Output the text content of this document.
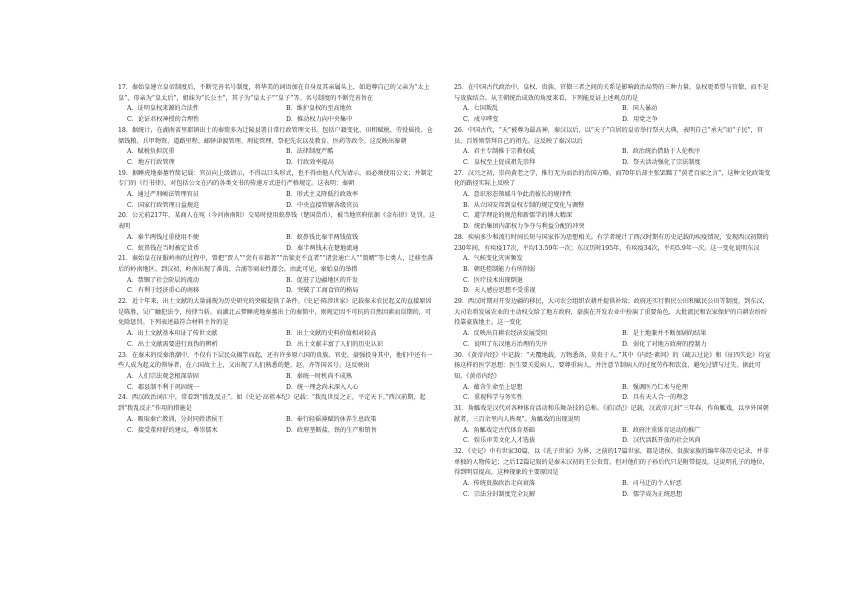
17．秦始皇建立皇帝制度后，不断完善名号制度，将华美的词语加在自身及其亲属头上，如追尊自己的父亲为“太上皇”，母亲为“皇太后”，姐妹为“长公主”，其子为“皇太子”“皇子”等。名号制度的不断完善旨在
A．证明皇权来源的合法性	B．维护皇权的至高地位
C．论证君权神授的合理性	D．推动权力向中央集中
18．据统计，在湖南省里耶镇出土的秦简多为迁陵县署日常行政管理文书，包括户籍变化、田租赋税、劳役徭役、仓储钱粮、兵甲物资、道路里程、邮驿津渡管理、刑徒管理、祭祀先农以及教育、医药等政令。这反映出秦朝
A．赋税负担沉重	B．法律制度严酷
C．地方行政管理	D．行政效率提高
19．据睡虎地秦墓竹简记载：官员向上级请示，不得以口头形式，也不得由他人代为请示，而必须使用公文；并制定专门的《行书律》，对包括公文在内的各类文书的传递方式进行严格规定。这表明：秦朝
A．通过严刑峻法管理官员	B．形式主义降低行政效率
C．国家行政管理日益规范	D．中央直接管辖各级官员
20．公元前217年，某商人在宛（今河南南阳）交易时使用蚁鼻钱（楚国货币），被当地官府依据《金布律》处罚。这表明
A．秦半两钱过重使用不便	B．蚁鼻钱比秦半两钱值钱
C．蚁鼻钱在当时被定货币	D．秦半两钱未在楚地流通
21．秦始皇在征服岭南的过程中，曾把“贾人”“尝有市籍者”“治狱吏不直者”“诸尝逋亡人”“赘婿”等七类人，迁移至落后的岭南地区。到汉初，岭南出现了番禺、合浦等商业性都会。由此可见，秦始皇的举措
A．禁锢了社会阶层的流动	B．促进了边疆地区的开发
C．有利于经济重心的南移	D．突破了工商食官的格局
22．近十年来，出土文献的大量涌现为历史研究的突破提供了条件。《史记·陈涉世家》记载秦末农民起义的直接原因是陈胜、吴广触犯法令，按律当斩。而湖北云梦睡虎地秦墓出土的秦简中，则规定因不可抗的自然因素而误期的，可免除惩罚。下列表述最符合材料主旨的是
A．出土文献基本印证了传世文献	B．出土文献的史料价值相对较高
C．出土文献需要进行真伪的辨析	D．出土文献丰富了人们的历史认识
23．在秦末的反秦浪潮中，不仅有下层民众揭竿而起，还有许多原六国的贵族、官吏、豪强投身其中，他们中还有一些人成为起义的领导者，在六国故土上，又出现了人们熟悉的楚、赵、齐等国名号。这反映出
A．人们宗法观念根深蒂固	B．秦统一时机尚不成熟
C．郡县制不利于巩固统一	D．统一理念尚未深入人心
24．西汉政治词汇中，常看到“拨乱反正”。如《史记·高祖本纪》记载：“拨乱世反之正，平定天下。”西汉前期，起到“拨乱反正”作用的措施是
A．吸取秦亡教训，分封同姓诸侯王	B．奉行轻徭薄赋的休养生息政策
C．接受董仲舒的建议，尊崇儒术	D．政府垄断盐、铁的生产和销售
25．在中国古代政治中，皇权、贵族、官僚三者之间的关系是影响政治局势的三种力量。皇权更希望与官僚，而不是与贵族结合。从王朝统治成效的角度来看，下列能反证上述观点的是
A．七国叛乱	B．国人暴动
C．戍卒哗变	D．用党之争
26．中国古代，“天”被尊为最高神，秦汉以后，以“天子”自居的皇帝举行祭天大典，表明自己“承天”而“子民”，官员、百姓则祭拜自己的祖先。这反映了秦汉以后
A．君主专制推于宗教权威	B．政治统治借助于人伦秩序
C．皇权至上促成祖先崇拜	D．祭天活动强化了宗法制度
27．汉兴之初，崇尚黄老之学，推行无为而治的治国方略，而70年后却主张罢黜了“黄老百家之言”，这种文化政策变化的路径实际上反映了
A．意识形态领域斗争此消彼长的规律性
B．从立国安邦到皇权专制的规定变化与调整
C．道学理论的规范和新儒学的博大精深
D．统治集团内部权力争夺与利益分配的冲突
28．疾病多少和流行时间长短与国家作为思想相关。有学者统计了西汉时期有历史记载的疾疫情况，发现西汉初期的230年间，有疾疫17次，平均13.59年一次；东汉历时195年，有疾疫34次，平均5.9年一次。这一变化说明东汉
A．气候变化灾害频发
B．朝廷控制能力有所削弱
C．医疗技术出现倒退
D．天人感应思想不受重视
29．西汉时期对开发边疆的移民，大司农会组织农耕并提供补给；政府还实行假民公田和赋民公田等制度，到东汉，大司农将发展农业的主动权交给了地方政府，豪族在开发农业中扮演了重要角色，大批流民和农家保护的自耕农纷纷投靠豪族地主。这一变化
A．反映出自耕农经济发展受阻	B．是土地兼并不断加剧的结果
C．说明了东汉地方治理的失序	D．弱化了对地方政府的控制力
30．《黄帝内经》中记载：“天覆地载，万物悉备，莫贵于人。”其中《内经·素问》的《疏五过论》和《征四失论》均宣扬这样的医学思想：医生要关爱病人，要尊重病人，并注意节制病人的过度劳作和饮食，避免过错与过失。据此可知，《黄帝内经》
A．蕴含生命至上思想	B．强调医乃仁术与伦理
C．重视科学与务实性	D．具有天人合一的理念
31．角觚戏是汉代对各种体育活动和乐舞杂技的总称。《前汉纪》记载，汉武帝元封“三年春，作角觚戏，以享外国朝献者，三百余里内人皆观”。角觚戏的出现说明
A．角觚戏定古代体育基础	B．政府注重体育运动的推广
C．娱乐审美文化人才选拔	D．汉代活跃开放的社会风尚
32．《史记》中有世家30篇，以《孔子世家》为界，之前的17篇世家，都是诸侯、贵族家族的编年体历史记录，并非单独的人物传记；之后12篇记叙的是秦末汉初的王公贵胄。但对他们的子孙后代只是附带提及。这说明孔子的地位，得到明显提高，这种现象的主要原因是
A．传统贵族政治走向衰落	B．司马迁的个人好恶
C．宗法分封制度完全瓦解	D．儒学成为正统思想
